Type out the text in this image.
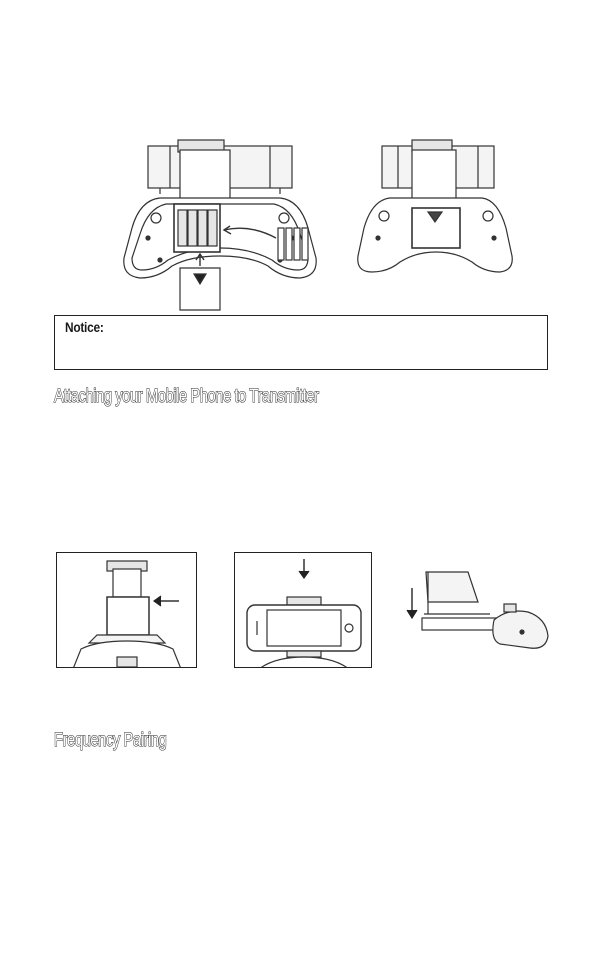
Notice:
Attaching your Mobile Phone to Transmitter
Frequency Pairing
